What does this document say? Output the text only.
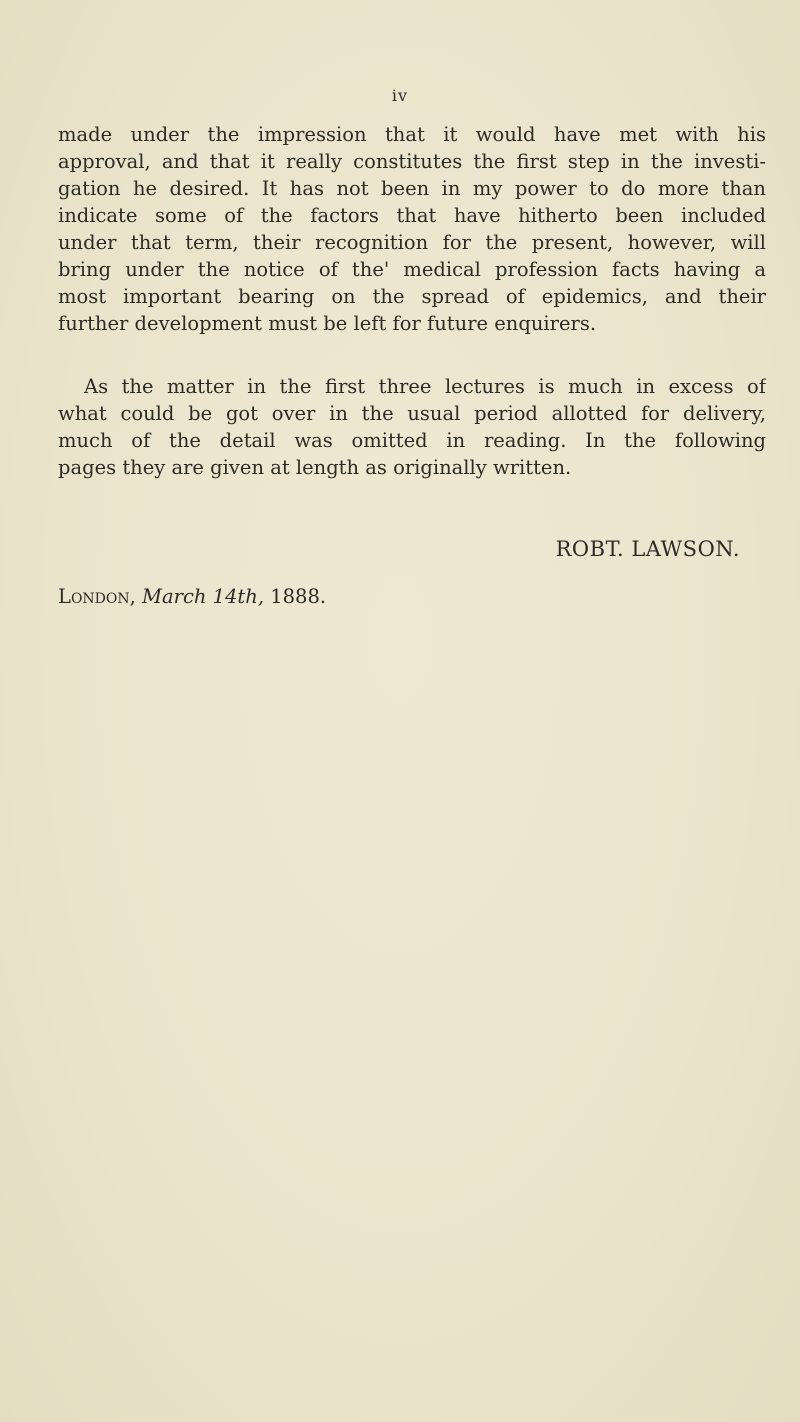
iv
made under the impression that it would have met with his
approval, and that it really constitutes the first step in the investi-
gation he desired. It has not been in my power to do more than
indicate some of the factors that have hitherto been included
under that term, their recognition for the present, however, will
bring under the notice of the' medical profession facts having a
most important bearing on the spread of epidemics, and their
further development must be left for future enquirers.
As the matter in the first three lectures is much in excess of
what could be got over in the usual period allotted for delivery,
much of the detail was omitted in reading. In the following
pages they are given at length as originally written.
ROBT. LAWSON.
London, March 14th, 1888.
